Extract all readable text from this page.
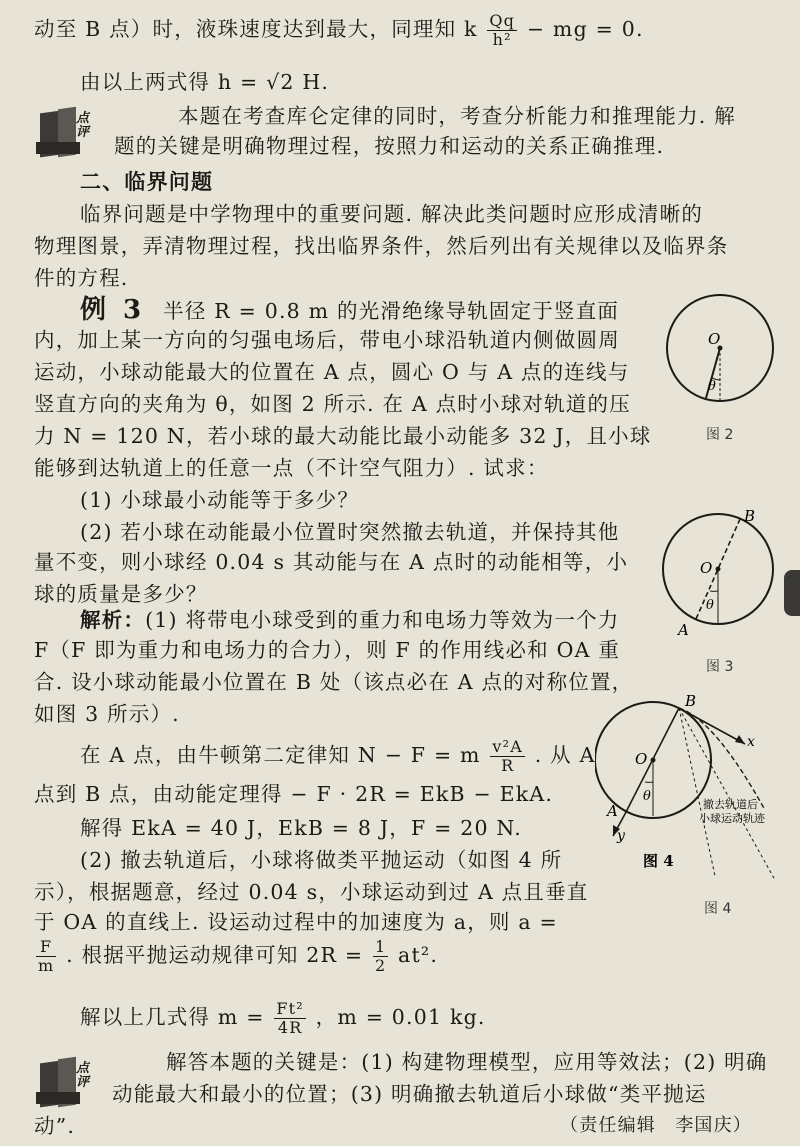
动至 B 点）时，液珠速度达到最大，同理知 k $\frac{Qq}{\text{h²}}$ − mg = 0.

由以上两式得 h = √2 H.

点评

本题在考查库仑定律的同时，考查分析能力和推理能力. 解

题的关键是明确物理过程，按照力和运动的关系正确推理.

二、临界问题

临界问题是中学物理中的重要问题. 解决此类问题时应形成清晰的

物理图景，弄清物理过程，找出临界条件，然后列出有关规律以及临界条

件的方程.

例 3 半径 R = 0.8 m 的光滑绝缘导轨固定于竖直面

内，加上某一方向的匀强电场后，带电小球沿轨道内侧做圆周

运动，小球动能最大的位置在 A 点，圆心 O 与 A 点的连线与

竖直方向的夹角为 θ，如图 2 所示. 在 A 点时小球对轨道的压

力 N = 120 N，若小球的最大动能比最小动能多 32 J，且小球

能够到达轨道上的任意一点（不计空气阻力）. 试求：

(1) 小球最小动能等于多少？

(2) 若小球在动能最小位置时突然撤去轨道，并保持其他

量不变，则小球经 0.04 s 其动能与在 A 点时的动能相等，小

球的质量是多少？

解析：(1) 将带电小球受到的重力和电场力等效为一个力

F（F 即为重力和电场力的合力），则 F 的作用线必和 OA 重

合. 设小球动能最小位置在 B 处（该点必在 A 点的对称位置，

如图 3 所示）.

在 A 点，由牛顿第二定律知 N − F = m $\frac{\text{v²A}}{R}$ . 从 A

点到 B 点，由动能定理得 − F · 2R = EkB − EkA.

解得 EkA = 40 J，EkB = 8 J，F = 20 N.

(2) 撤去轨道后，小球将做类平抛运动（如图 4 所

示），根据题意，经过 0.04 s，小球运动到过 A 点且垂直

于 OA 的直线上. 设运动过程中的加速度为 a，则 a =

$\frac{F}{m}$ . 根据平抛运动规律可知 $2R = \frac{1}{2} at^2$.

解以上几式得 $m = \frac{\text{Ft²}}{4R}$ ，m = 0.01 kg.

点评

解答本题的关键是：(1) 构建物理模型，应用等效法；(2) 明确

动能最大和最小的位置；(3) 明确撤去轨道后小球做“类平抛运

动”.	（责任编辑　李国庆）

O
θ
图 2
B
O
θ
A
图 3
B
O
θ
A
x
y
撤去轨道后
小球运动轨迹
图 4
图 4
